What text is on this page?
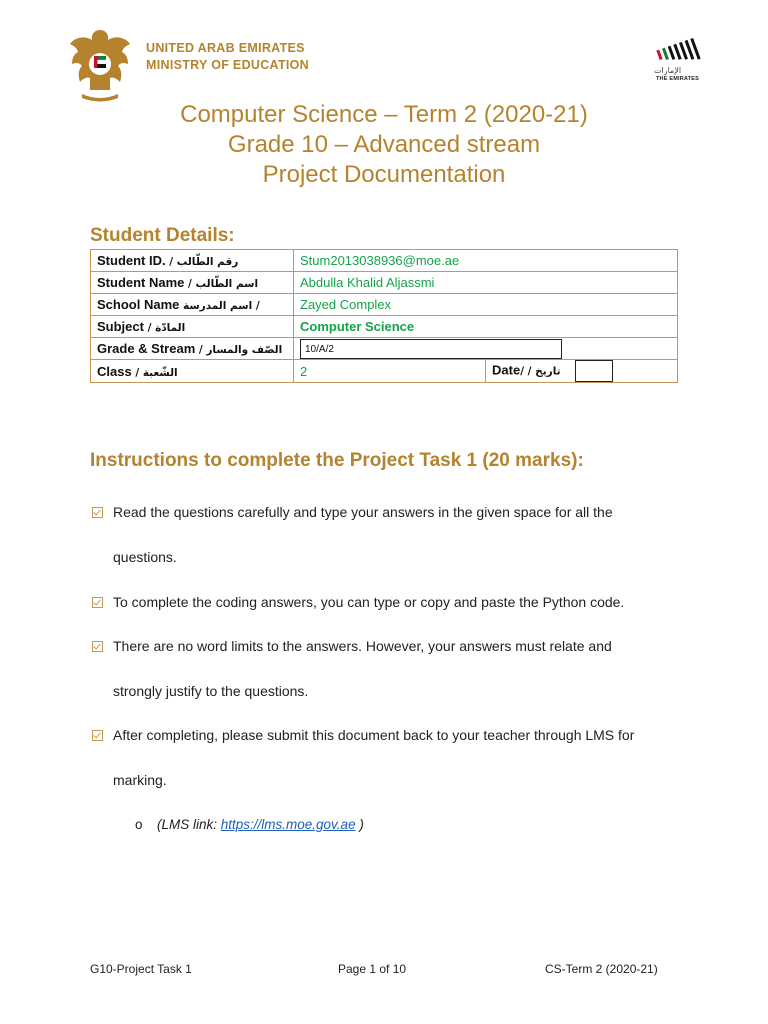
UNITED ARAB EMIRATES
MINISTRY OF EDUCATION	الإمارات
THE EMIRATES
Computer Science – Term 2 (2020-21)
Grade 10 – Advanced stream
Project Documentation
Student Details:
Student ID. / رقم الطّالب	Stum2013038936@moe.ae	
Student Name / اسم الطّالب	Abdulla Khalid Aljassmi	
School Name اسم المدرسة /	Zayed Complex	
Subject / المادّة	Computer Science	
Grade & Stream / الصّف والمسار	10/A/2	
Class / الشّعبة	2	Date/ / تاريخ
Instructions to complete the Project Task 1 (20 marks):
Read the questions carefully and type your answers in the given space for all the
questions.
To complete the coding answers, you can type or copy and paste the Python code.
There are no word limits to the answers. However, your answers must relate and
strongly justify to the questions.
After completing, please submit this document back to your teacher through LMS for
marking.
o (LMS link: https://lms.moe.gov.ae )
G10-Project Task 1	Page 1 of 10	CS-Term 2 (2020-21)
